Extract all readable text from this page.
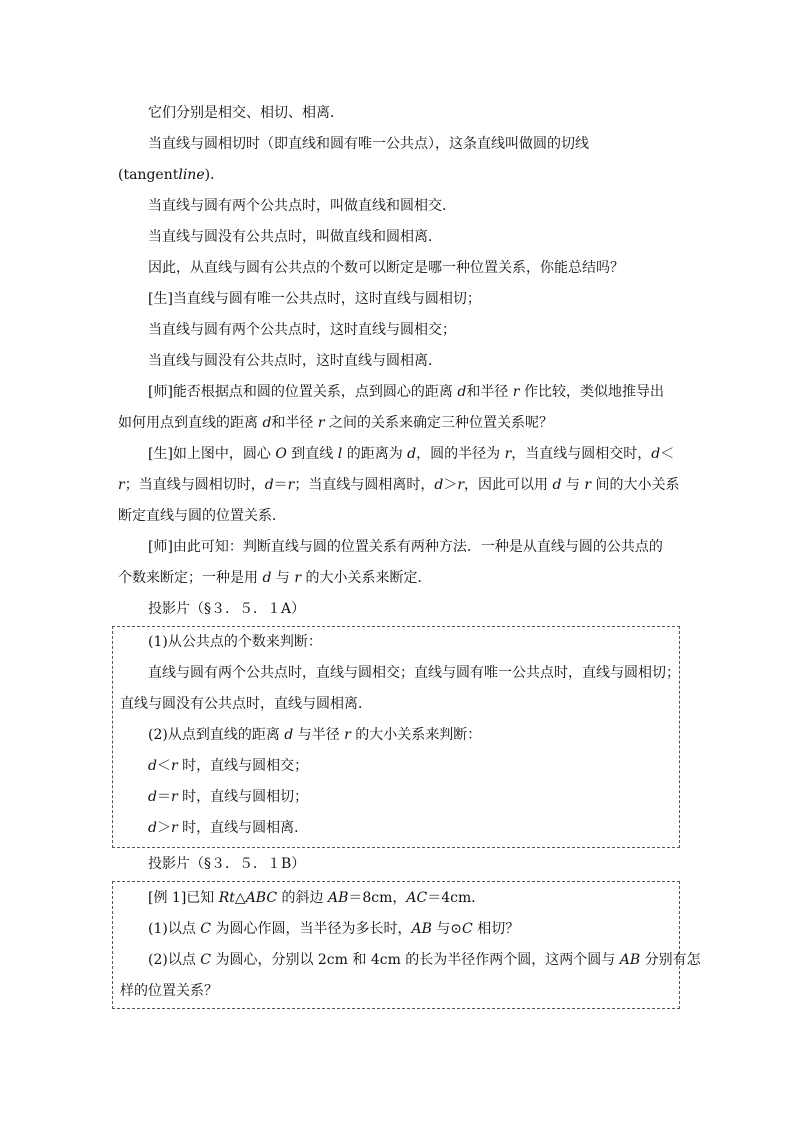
它们分别是相交、相切、相离．
当直线与圆相切时（即直线和圆有唯一公共点），这条直线叫做圆的切线
(tangentline)．
当直线与圆有两个公共点时，叫做直线和圆相交．
当直线与圆没有公共点时，叫做直线和圆相离．
因此，从直线与圆有公共点的个数可以断定是哪一种位置关系，你能总结吗？
[生]当直线与圆有唯一公共点时，这时直线与圆相切；
当直线与圆有两个公共点时，这时直线与圆相交；
当直线与圆没有公共点时，这时直线与圆相离．
[师]能否根据点和圆的位置关系，点到圆心的距离 d和半径 r 作比较，类似地推导出
如何用点到直线的距离 d和半径 r 之间的关系来确定三种位置关系呢？
[生]如上图中，圆心 O 到直线 l 的距离为 d，圆的半径为 r，当直线与圆相交时，d＜
r；当直线与圆相切时，d＝r；当直线与圆相离时，d＞r，因此可以用 d 与 r 间的大小关系
断定直线与圆的位置关系．
[师]由此可知：判断直线与圆的位置关系有两种方法．一种是从直线与圆的公共点的
个数来断定；一种是用 d 与 r 的大小关系来断定．
投影片（§３．５．１A）
(1)从公共点的个数来判断：
直线与圆有两个公共点时，直线与圆相交；直线与圆有唯一公共点时，直线与圆相切；
直线与圆没有公共点时，直线与圆相离．
(2)从点到直线的距离 d 与半径 r 的大小关系来判断：
d＜r 时，直线与圆相交；
d＝r 时，直线与圆相切；
d＞r 时，直线与圆相离．
投影片（§３．５．１B）
[例 1]已知 Rt△ABC 的斜边 AB＝8cm，AC＝4cm．
(1)以点 C 为圆心作圆，当半径为多长时，AB 与⊙C 相切？
(2)以点 C 为圆心，分别以 2cm 和 4cm 的长为半径作两个圆，这两个圆与 AB 分别有怎
样的位置关系？
